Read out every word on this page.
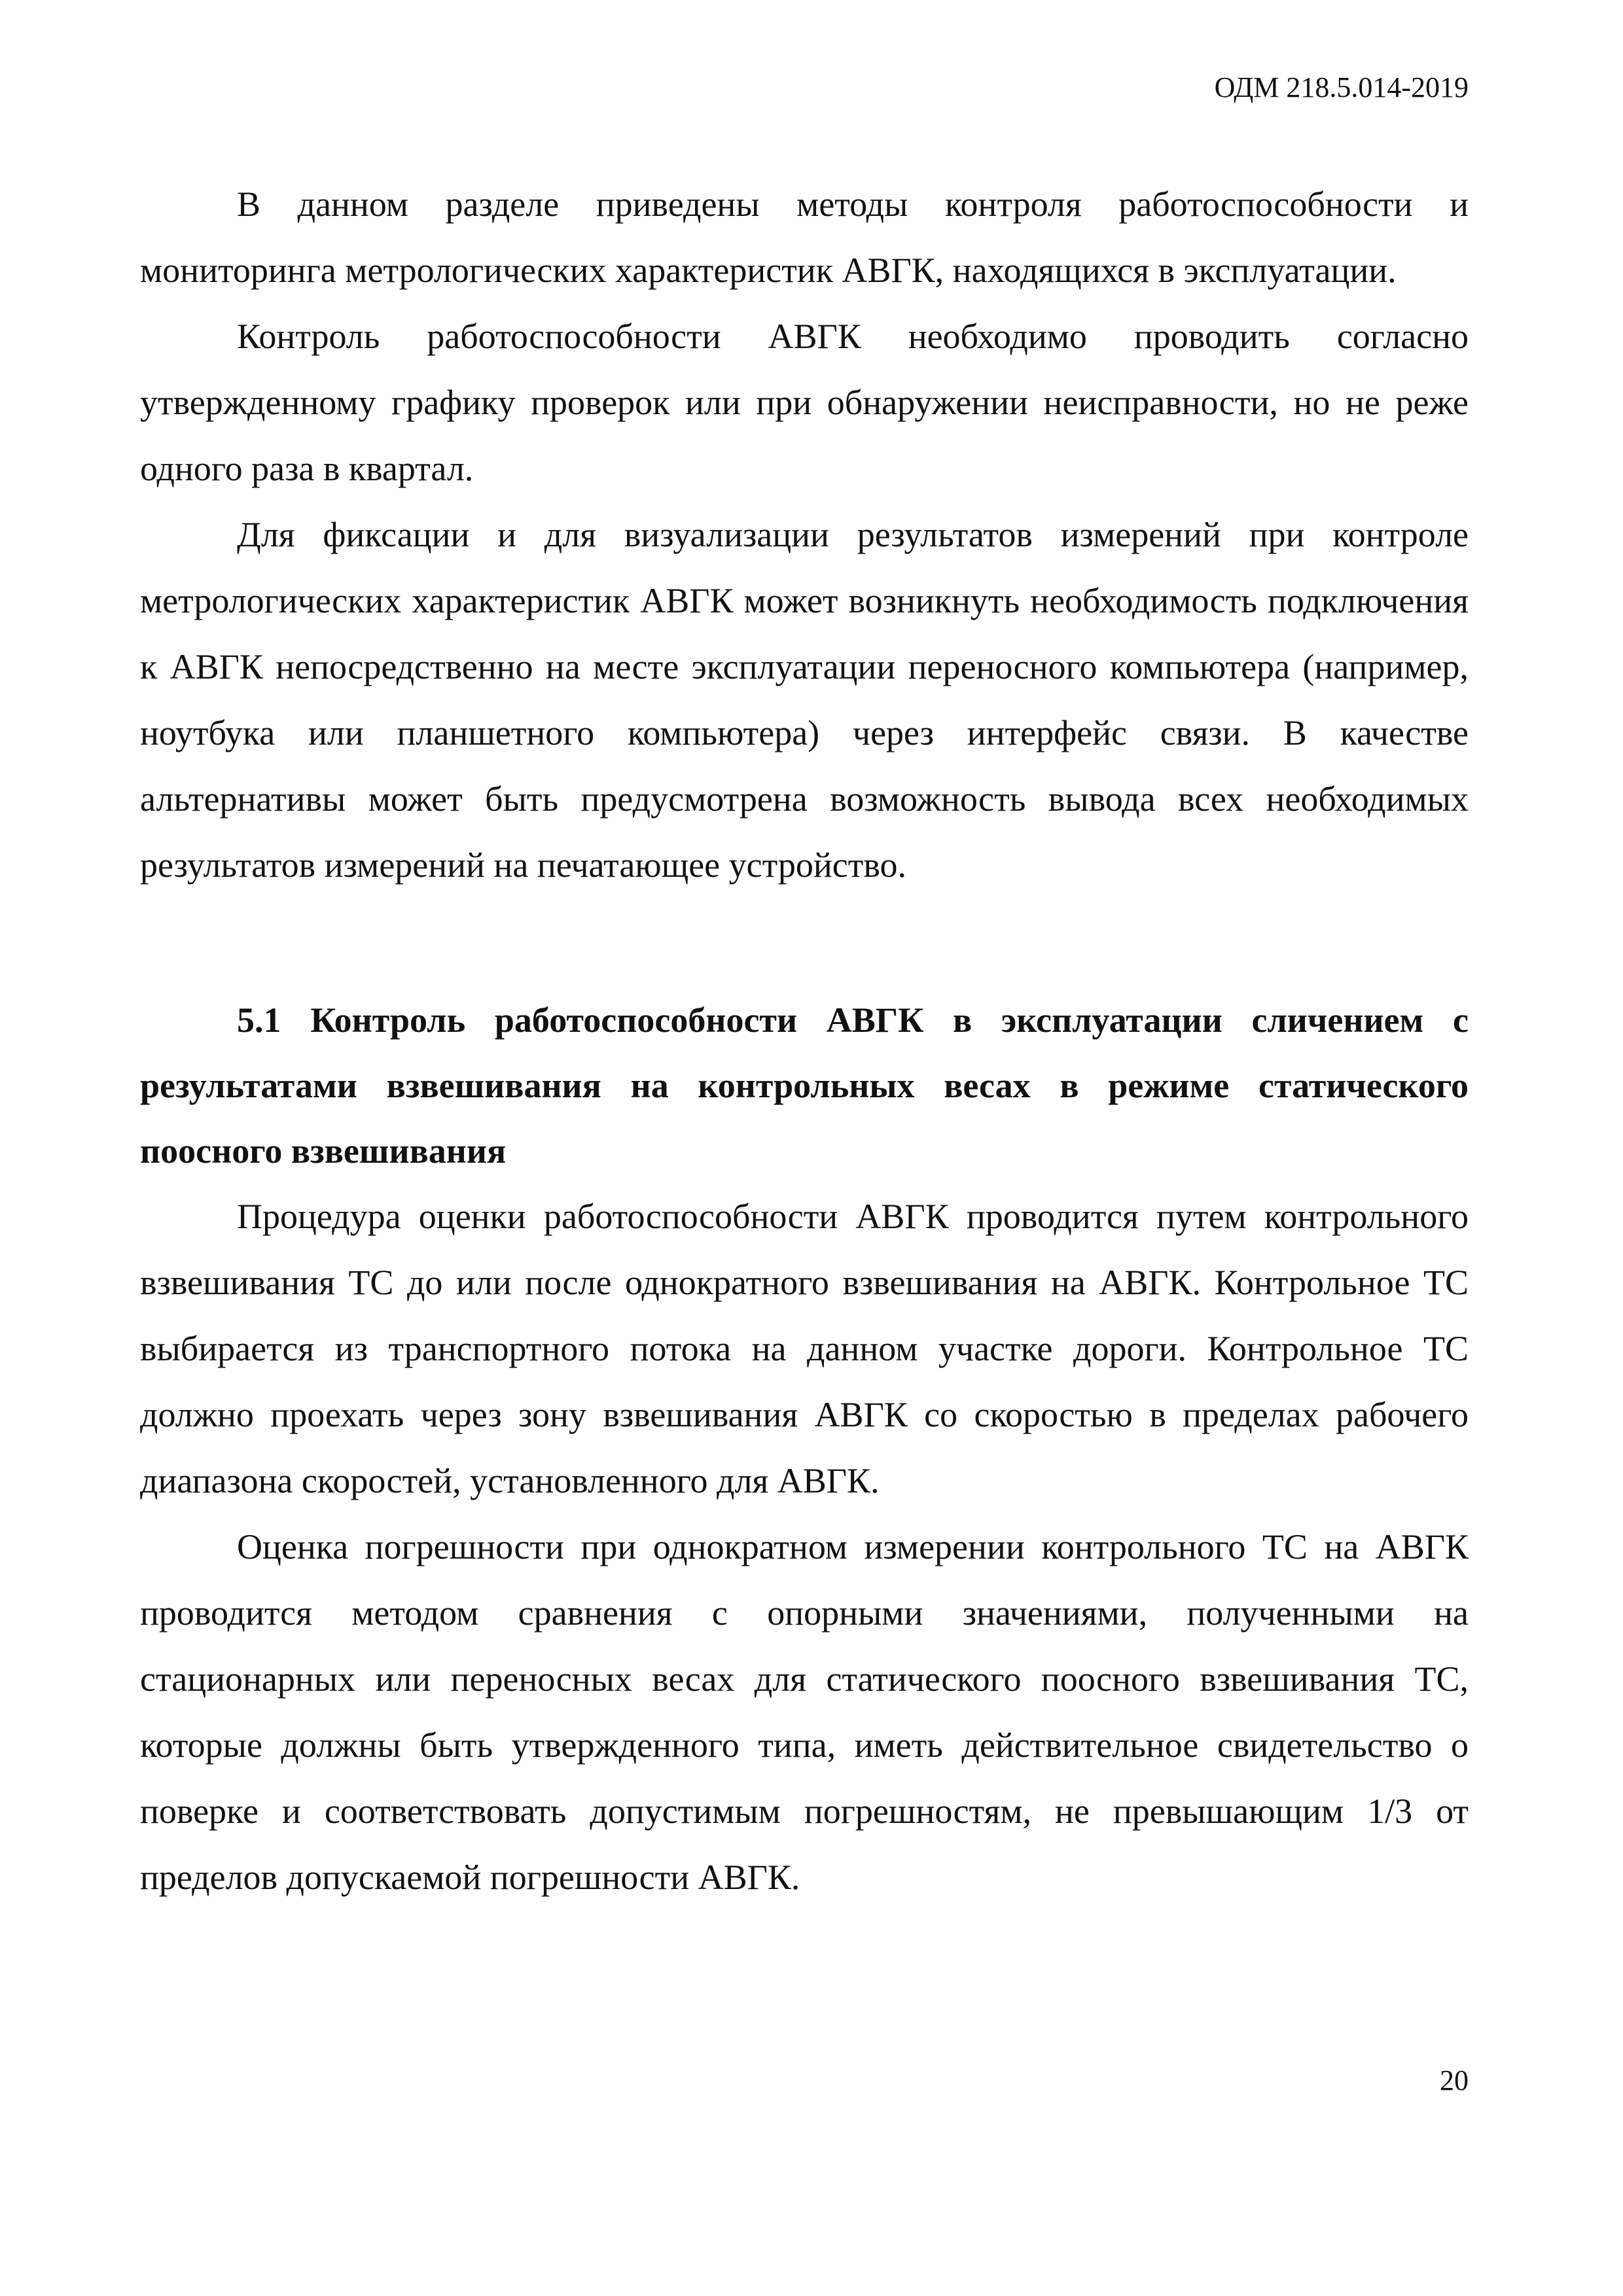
ОДМ 218.5.014-2019

В данном разделе приведены методы контроля работоспособности и мониторинга метрологических характеристик АВГК, находящихся в эксплуатации.

Контроль работоспособности АВГК необходимо проводить согласно утвержденному графику проверок или при обнаружении неисправности, но не реже одного раза в квартал.

Для фиксации и для визуализации результатов измерений при контроле метрологических характеристик АВГК может возникнуть необходимость подключения к АВГК непосредственно на месте эксплуатации переносного компьютера (например, ноутбука или планшетного компьютера) через интерфейс связи. В качестве альтернативы может быть предусмотрена возможность вывода всех необходимых результатов измерений на печатающее устройство.

5.1 Контроль работоспособности АВГК в эксплуатации сличением с результатами взвешивания на контрольных весах в режиме статического поосного взвешивания

Процедура оценки работоспособности АВГК проводится путем контрольного взвешивания ТС до или после однократного взвешивания на АВГК. Контрольное ТС выбирается из транспортного потока на данном участке дороги. Контрольное ТС должно проехать через зону взвешивания АВГК со скоростью в пределах рабочего диапазона скоростей, установленного для АВГК.

Оценка погрешности при однократном измерении контрольного ТС на АВГК проводится методом сравнения с опорными значениями, полученными на стационарных или переносных весах для статического поосного взвешивания ТС, которые должны быть утвержденного типа, иметь действительное свидетельство о поверке и соответствовать допустимым погрешностям, не превышающим 1/3 от пределов допускаемой погрешности АВГК.

20
